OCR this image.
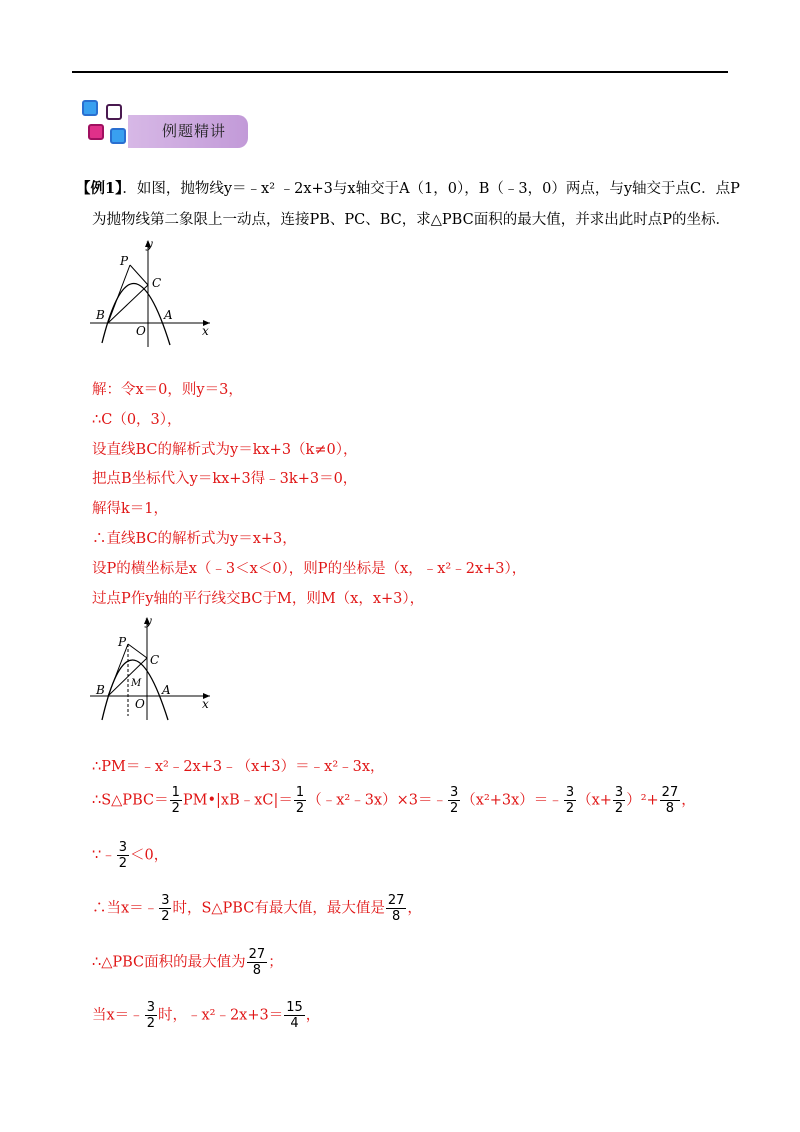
例题精讲
【例1】．如图，抛物线y＝﹣x² ﹣2x+3与x轴交于A（1，0），B（﹣3，0）两点，与y轴交于点C．点P
为抛物线第二象限上一动点，连接PB、PC、BC，求△PBC面积的最大值，并求出此时点P的坐标．
y
P
C
B
O
A
x
解：令x＝0，则y＝3，
∴C（0，3），
设直线BC的解析式为y＝kx+3（k≠0），
把点B坐标代入y＝kx+3得﹣3k+3＝0，
解得k＝1，
∴直线BC的解析式为y＝x+3，
设P的横坐标是x（﹣3＜x＜0），则P的坐标是（x，﹣x²﹣2x+3），
过点P作y轴的平行线交BC于M，则M（x，x+3），
y
P
C
M
B
O
A
x
∴PM＝﹣x²﹣2x+3﹣（x+3）＝﹣x²﹣3x，
∴S△PBC＝ $\frac{1}{2}$ PM•|xB﹣xC|＝ $\frac{1}{2}$ （﹣x²﹣3x）×3＝﹣ $\frac{3}{2}$ （x²+3x）＝﹣ $\frac{3}{2} (x+ \frac{3}{2} )^2+ \frac{27}{8}$ ，
∵﹣ $\frac{3}{2} <0$，
∴当x＝﹣ $\frac{3}{2}$ 时，S△PBC有最大值，最大值是 $\frac{27}{8}$ ，
∴△PBC面积的最大值为 $\frac{27}{8}$ ；
当x＝﹣ $\frac{3}{2}$ 时，﹣x²﹣2x+3＝ $\frac{15}{4}$ ，
